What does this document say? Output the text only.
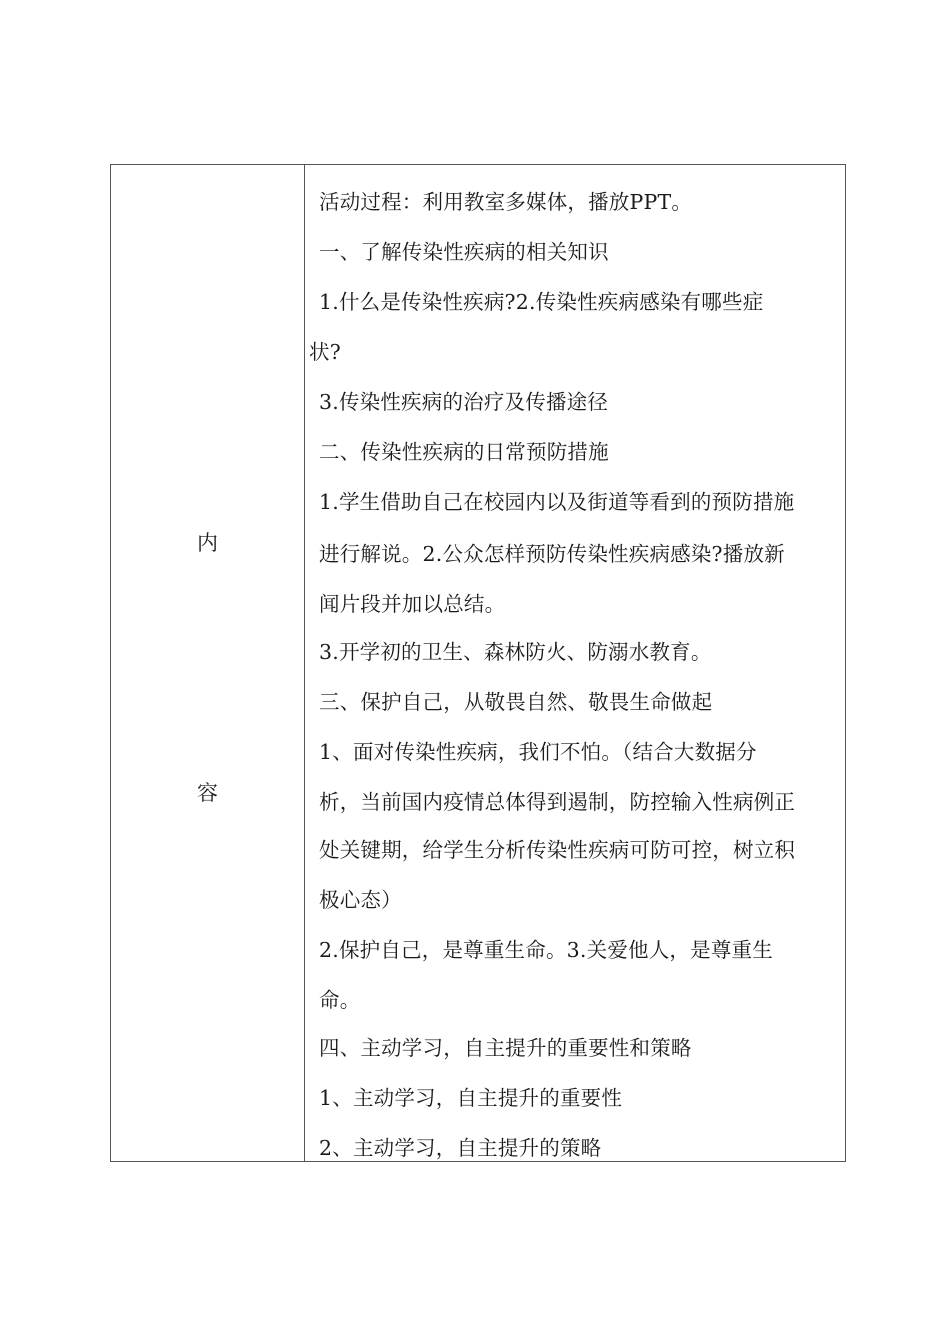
内
容
活动过程：利用教室多媒体，播放PPT。
一、了解传染性疾病的相关知识
1.什么是传染性疾病?2.传染性疾病感染有哪些症
状?
3.传染性疾病的治疗及传播途径
二、传染性疾病的日常预防措施
1.学生借助自己在校园内以及街道等看到的预防措施
进行解说。2.公众怎样预防传染性疾病感染?播放新
闻片段并加以总结。
3.开学初的卫生、森林防火、防溺水教育。
三、保护自己，从敬畏自然、敬畏生命做起
1、面对传染性疾病，我们不怕。（结合大数据分
析，当前国内疫情总体得到遏制，防控输入性病例正
处关键期，给学生分析传染性疾病可防可控，树立积
极心态）
2.保护自己，是尊重生命。3.关爱他人，是尊重生
命。
四、主动学习，自主提升的重要性和策略
1、主动学习，自主提升的重要性
2、主动学习，自主提升的策略
